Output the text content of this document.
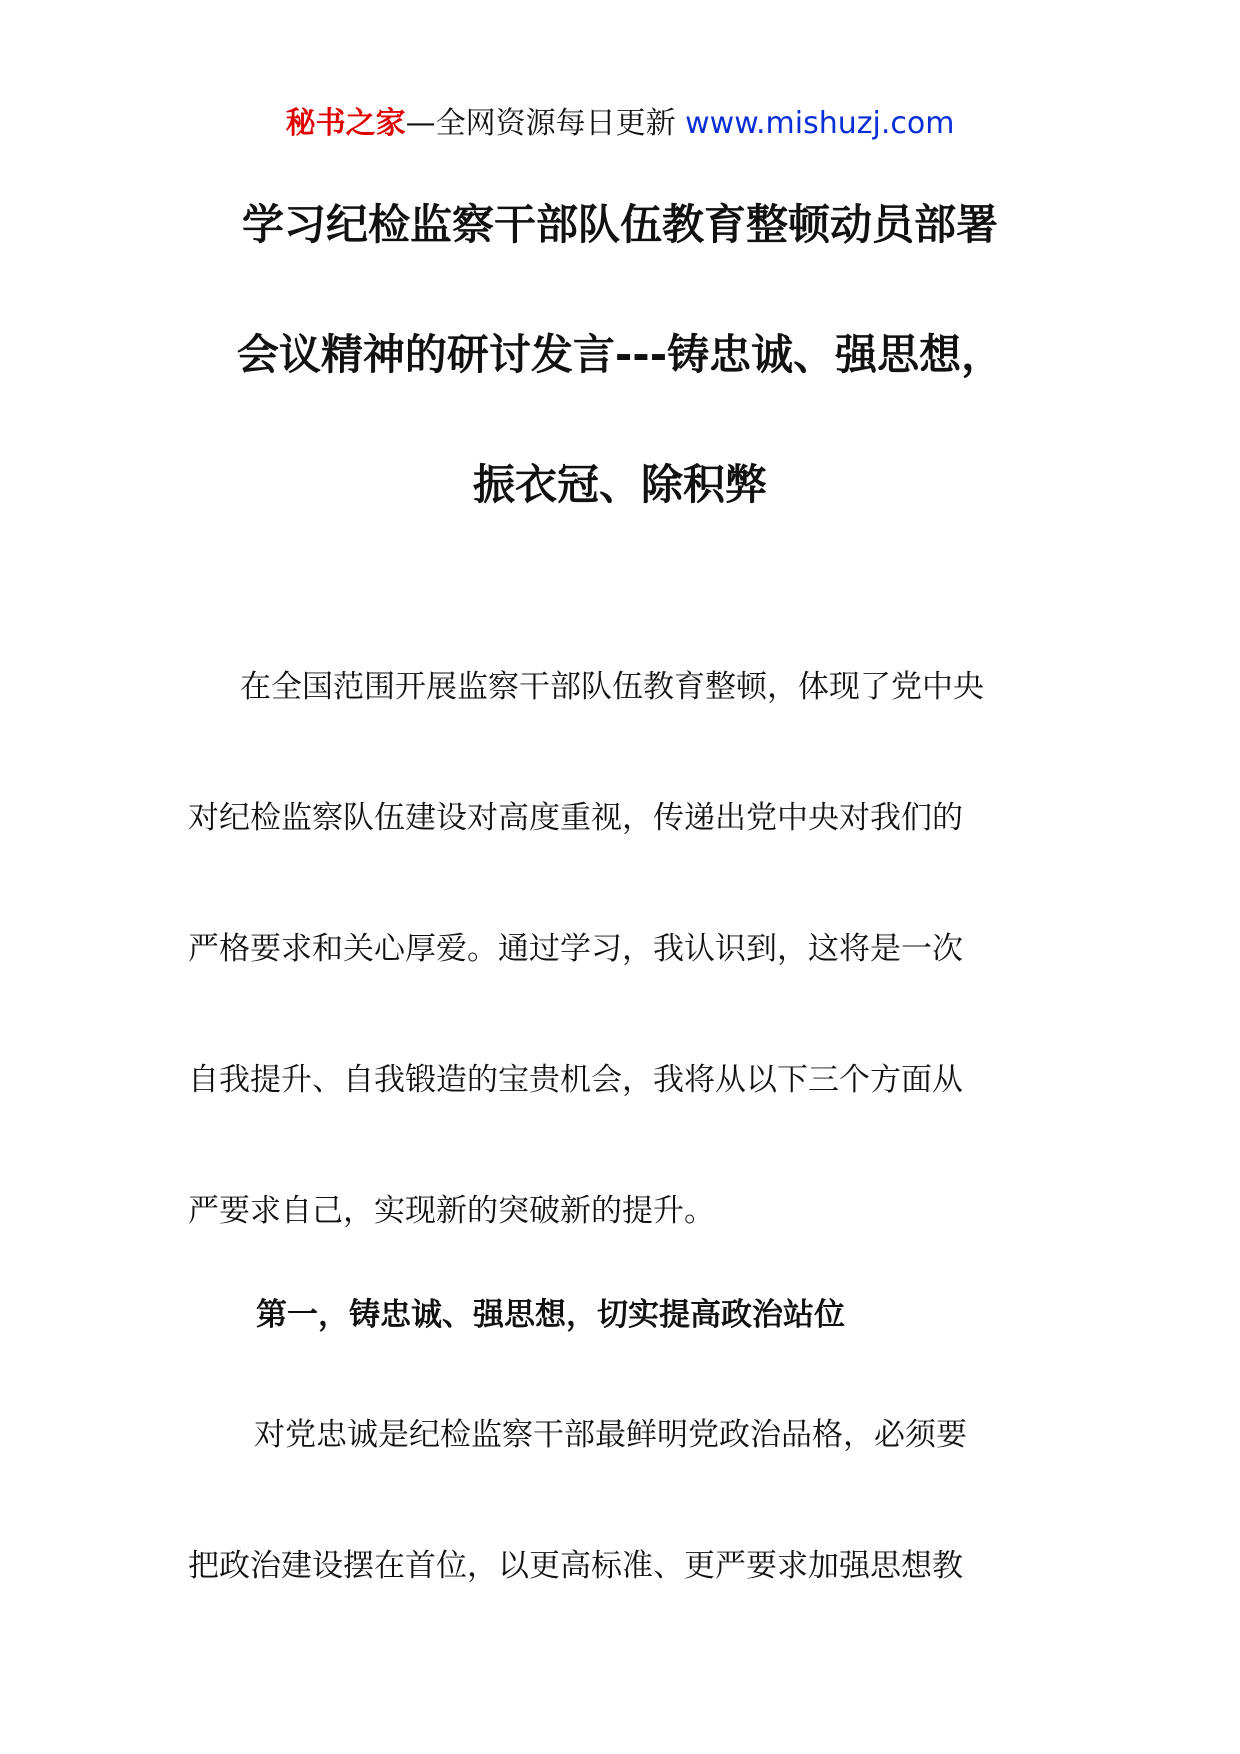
秘书之家—全网资源每日更新 www.mishuzj.com
学习纪检监察干部队伍教育整顿动员部署
会议精神的研讨发言---铸忠诚、强思想，
振衣冠、除积弊
在全国范围开展监察干部队伍教育整顿，体现了党中央
对纪检监察队伍建设对高度重视，传递出党中央对我们的
严格要求和关心厚爱。通过学习，我认识到，这将是一次
自我提升、自我锻造的宝贵机会，我将从以下三个方面从
严要求自己，实现新的突破新的提升。
第一，铸忠诚、强思想，切实提高政治站位
对党忠诚是纪检监察干部最鲜明党政治品格，必须要
把政治建设摆在首位，以更高标准、更严要求加强思想教
